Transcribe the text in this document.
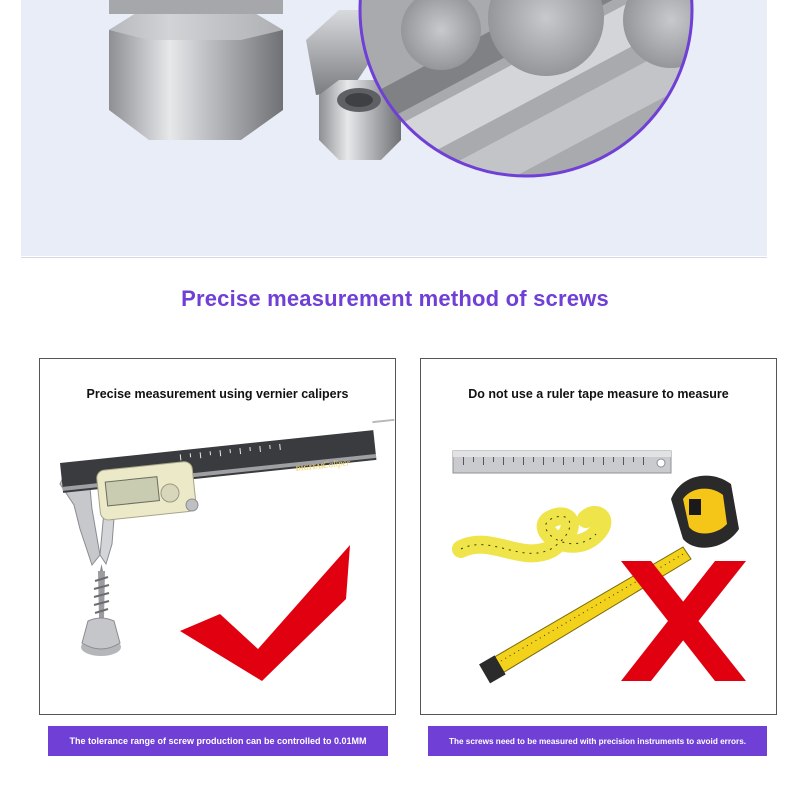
Precise measurement method of screws
DIGITAL
Caliper
Precise measurement using vernier calipers	Do not use a ruler tape measure to measure
The tolerance range of screw production can be controlled to 0.01MM	The screws need to be measured with precision instruments to avoid errors.
